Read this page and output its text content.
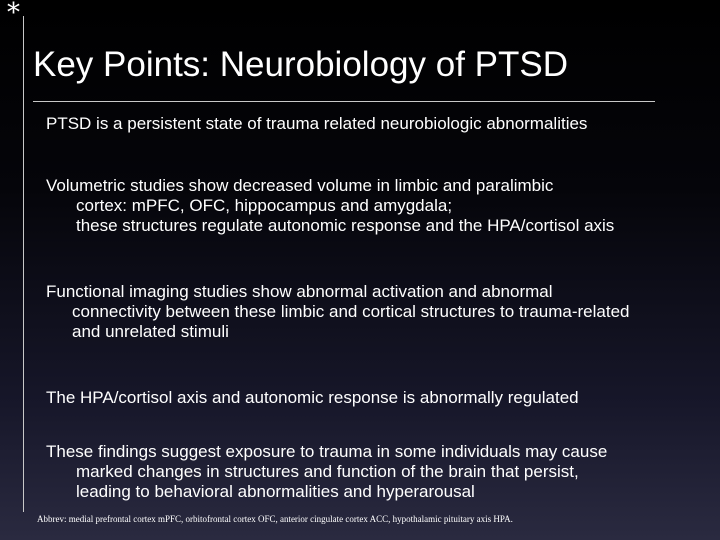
*
Key Points: Neurobiology of PTSD
PTSD is a persistent state of trauma related neurobiologic abnormalities
Volumetric studies show decreased volume in limbic and paralimbic
cortex: mPFC, OFC, hippocampus and amygdala;
these structures regulate autonomic response and the HPA/cortisol axis
Functional imaging studies show abnormal activation and abnormal
connectivity between these limbic and cortical structures to trauma-related
and unrelated stimuli
The HPA/cortisol axis and autonomic response is abnormally regulated
These findings suggest exposure to trauma in some individuals may cause
marked changes in structures and function of the brain that persist,
leading to behavioral abnormalities and hyperarousal
Abbrev: medial prefrontal cortex mPFC, orbitofrontal cortex OFC, anterior cingulate cortex ACC, hypothalamic pituitary axis HPA.
